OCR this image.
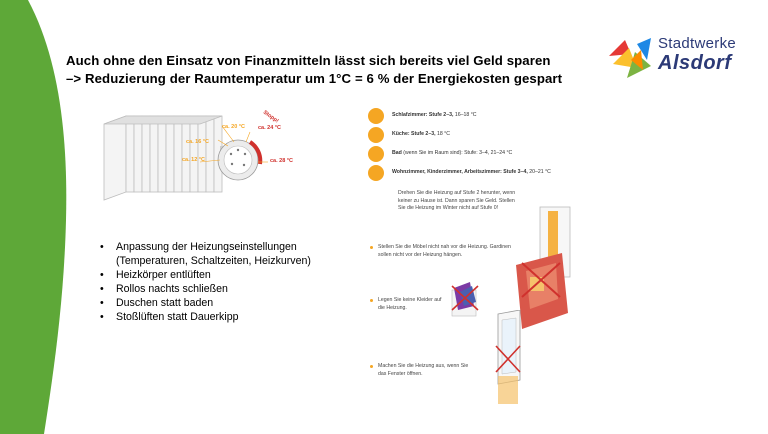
Auch ohne den Einsatz von Finanzmitteln lässt sich bereits viel Geld sparen
–> Reduzierung der Raumtemperatur um 1°C = 6 % der Energiekosten gespart
Stadtwerke
Alsdorf
ca. 16 °C
ca. 20 °C
ca. 12 °C
ca. 24 °C
ca. 28 °C
Stopp!	Schlafzimmer: Stufe 2–3, 16–18 °C
Küche: Stufe 2–3, 18 °C
Bad (wenn Sie im Raum sind): Stufe: 3–4, 21–24 °C
Wohnzimmer, Kinderzimmer, Arbeitszimmer: Stufe 3–4, 20–21 °C
Drehen Sie die Heizung auf Stufe 2 herunter, wenn keiner zu Hause ist. Dann sparen Sie Geld. Stellen Sie die Heizung im Winter nicht auf Stufe 0!
Stellen Sie die Möbel nicht nah vor die Heizung. Gardinen sollen nicht vor der Heizung hängen.
Legen Sie keine Kleider auf die Heizung.
Machen Sie die Heizung aus, wenn Sie das Fenster öffnen.
• Anpassung der Heizungseinstellungen (Temperaturen, Schaltzeiten, Heizkurven)
• Heizkörper entlüften
• Rollos nachts schließen
• Duschen statt baden
• Stoßlüften statt Dauerkipp
